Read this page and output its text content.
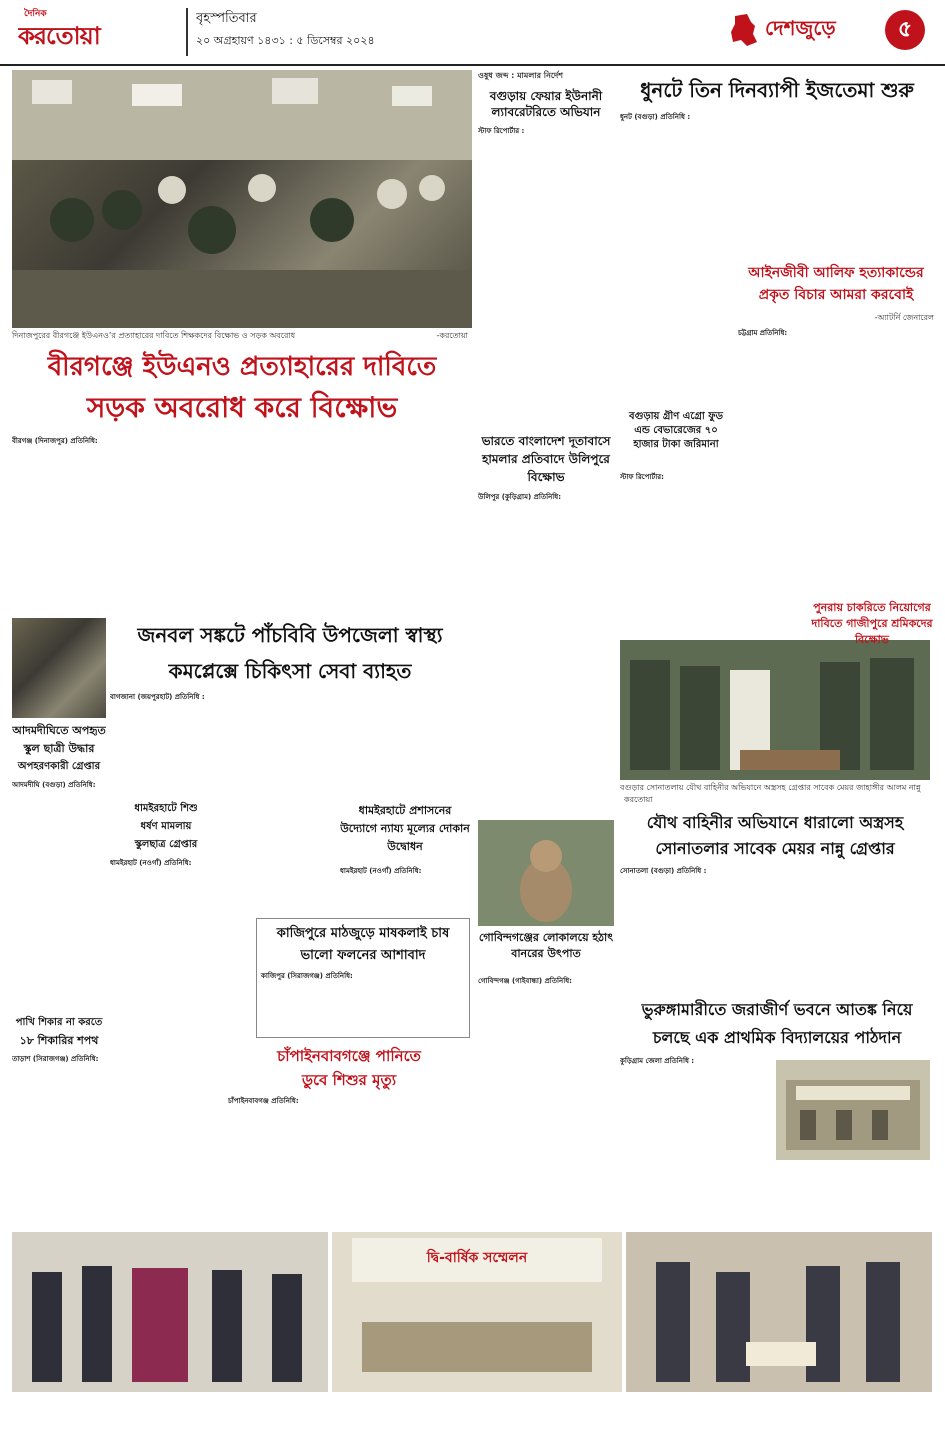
দৈনিক
করতোয়া
বৃহস্পতিবার
২০ অগ্রহায়ণ ১৪৩১ : ৫ ডিসেম্বর ২০২৪
দেশজুড়ে	৫
দিনাজপুরের বীরগঞ্জে ইউএনও’র প্রত্যাহারের দাবিতে শিক্ষকদের বিক্ষোভ ও সড়ক অবরোধ	-করতোয়া
বীরগঞ্জে ইউএনও প্রত্যাহারের দাবিতে
সড়ক অবরোধ করে বিক্ষোভ
বীরগঞ্জ (দিনাজপুর) প্রতিনিধি:
ওষুধ জব্দ : মামলার নির্দেশ
বগুড়ায় ফেয়ার ইউনানী ল্যাবরেটরিতে অভিযান
স্টাফ রিপোর্টার :
ধুনটে তিন দিনব্যাপী ইজতেমা শুরু
ধুনট (বগুড়া) প্রতিনিধি :
আইনজীবী আলিফ হত্যাকান্ডের প্রকৃত বিচার আমরা করবোই
-অ্যাটর্নি জেনারেল
চট্টগ্রাম প্রতিনিধি:
ভারতে বাংলাদেশ দূতাবাসে হামলার প্রতিবাদে উলিপুরে বিক্ষোভ
উলিপুর (কুড়িগ্রাম) প্রতিনিধি:
বগুড়ায় গ্রীণ এগ্রো ফুড এন্ড বেভারেজের ৭০ হাজার টাকা জরিমানা
স্টাফ রিপোর্টার:
বগুড়ার সোনাতলায় যৌথ বাহিনীর অভিযানে অস্ত্রসহ গ্রেপ্তার সাবেক মেয়র জাহাঙ্গীর আলম নান্নু করতোয়া
যৌথ বাহিনীর অভিযানে ধারালো অস্ত্রসহ
সোনাতলার সাবেক মেয়র নান্নু গ্রেপ্তার
সোনাতলা (বগুড়া) প্রতিনিধি :
পুনরায় চাকরিতে নিয়োগের দাবিতে গাজীপুরে শ্রমিকদের বিক্ষোভ
জনবল সঙ্কটে পাঁচবিবি উপজেলা স্বাস্থ্য
কমপ্লেক্সে চিকিৎসা সেবা ব্যাহত
বাগজানা (জয়পুরহাট) প্রতিনিধি :
আদমদীঘিতে অপহৃত
স্কুল ছাত্রী উদ্ধার
অপহরণকারী গ্রেপ্তার
আদমদীঘি (বগুড়া) প্রতিনিধি:
ধামইরহাটে প্রশাসনের উদ্যোগে ন্যায্য মূল্যের দোকান উদ্বোধন
ধামইরহাট (নওগাঁ) প্রতিনিধি:
গোবিন্দগঞ্জের লোকালয়ে হঠাৎ বানরের উৎপাত
গোবিন্দগঞ্জ (গাইবান্ধা) প্রতিনিধি:
পাখি শিকার না করতে
১৮ শিকারির শপথ
তাড়াশ (সিরাজগঞ্জ) প্রতিনিধি:
ধামইরহাটে শিশু
ধর্ষণ মামলায়
স্কুলছাত্র গ্রেপ্তার
ধামইরহাট (নওগাঁ) প্রতিনিধি:
কাজিপুরে মাঠজুড়ে মাষকলাই চাষ
ভালো ফলনের আশাবাদ
কাজিপুর (সিরাজগঞ্জ) প্রতিনিধি:
চাঁপাইনবাবগঞ্জে পানিতে
ডুবে শিশুর মৃত্যু
চাঁপাইনবাবগঞ্জ প্রতিনিধি:
ভুরুঙ্গামারীতে জরাজীর্ণ ভবনে আতঙ্ক নিয়ে
চলছে এক প্রাথমিক বিদ্যালয়ের পাঠদান
কুড়িগ্রাম জেলা প্রতিনিধি :
দ্বি-বার্ষিক সম্মেলন
